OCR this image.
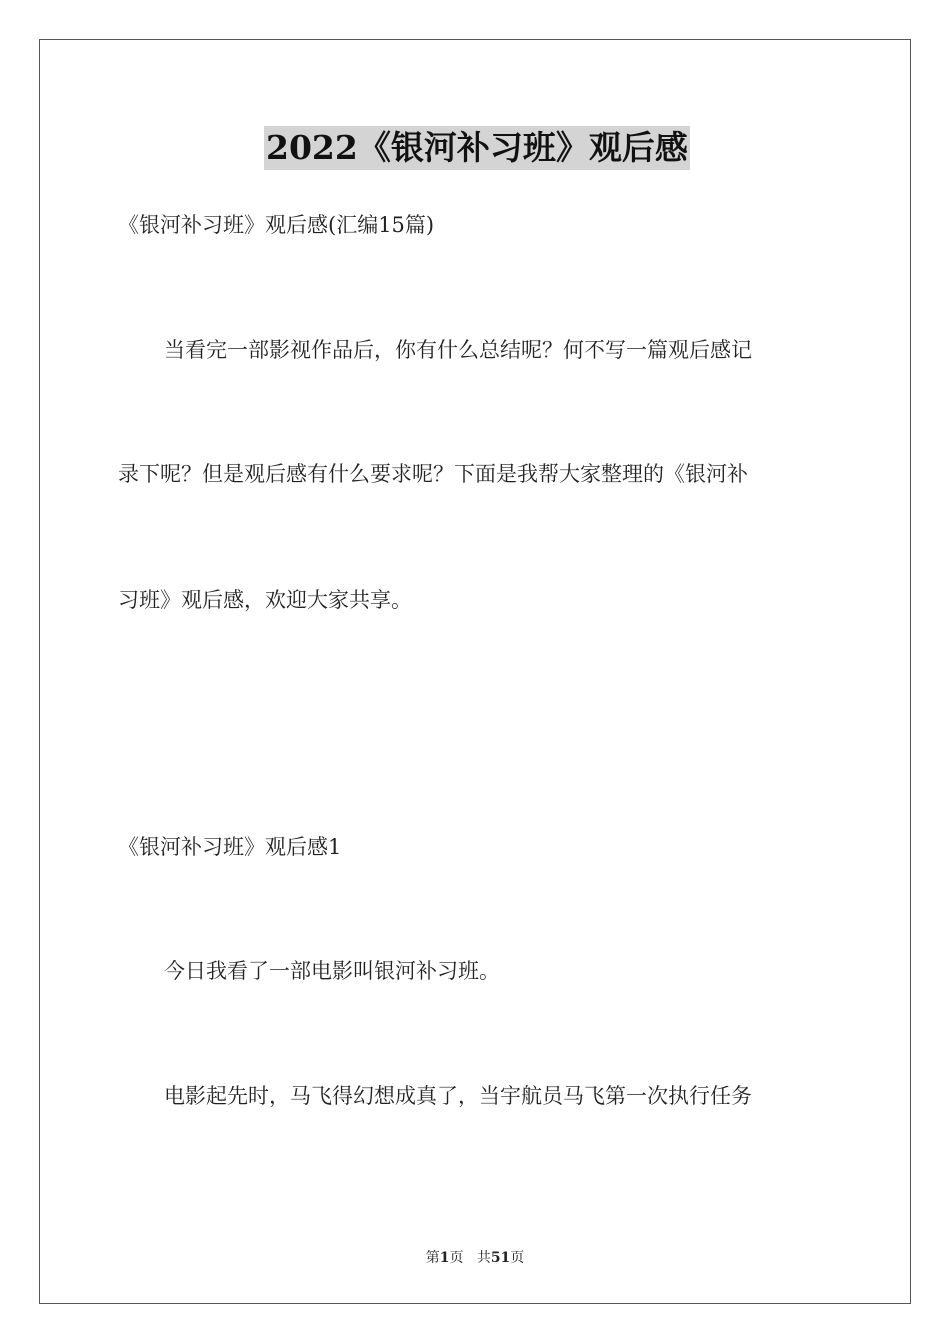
2022《银河补习班》观后感
《银河补习班》观后感(汇编15篇)
当看完一部影视作品后，你有什么总结呢？何不写一篇观后感记
录下呢？但是观后感有什么要求呢？下面是我帮大家整理的《银河补
习班》观后感，欢迎大家共享。
《银河补习班》观后感1
今日我看了一部电影叫银河补习班。
电影起先时，马飞得幻想成真了，当宇航员马飞第一次执行任务
第1页 共51页
